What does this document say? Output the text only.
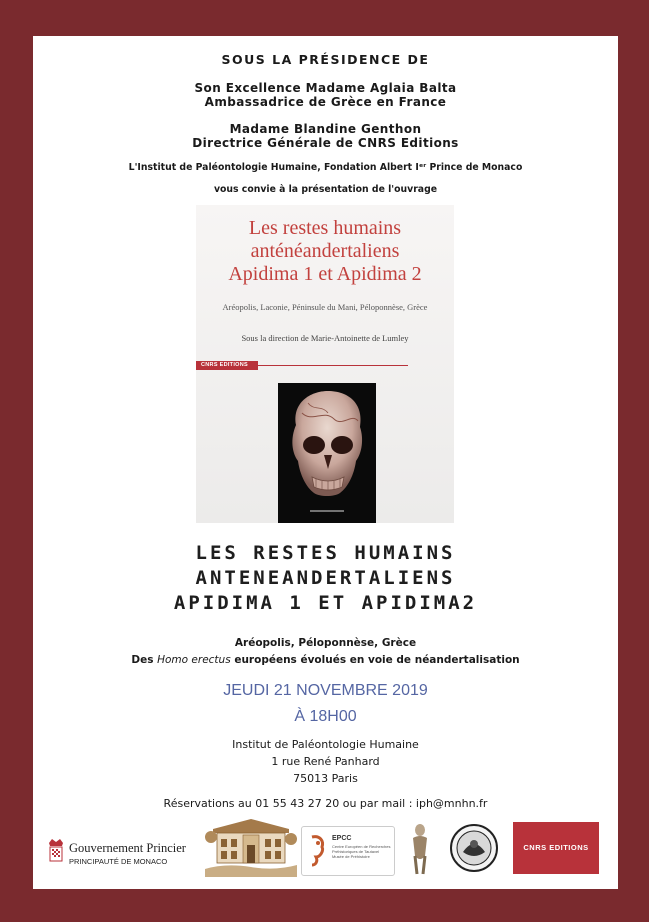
SOUS LA PRÉSIDENCE DE
Son Excellence Madame Aglaia Balta
Ambassadrice de Grèce en France
Madame Blandine Genthon
Directrice Générale de CNRS Editions
L'Institut de Paléontologie Humaine, Fondation Albert Iᵉʳ Prince de Monaco
vous convie à la présentation de l'ouvrage
Les restes humains
anténéandertaliens
Apidima 1 et Apidima 2
Aréopolis, Laconie, Péninsule du Mani, Péloponnèse, Grèce
Sous la direction de Marie-Antoinette de Lumley
CNRS EDITIONS
LES RESTES HUMAINS
ANTENEANDERTALIENS
APIDIMA 1 ET APIDIMA2
Aréopolis, Péloponnèse, Grèce
Des Homo erectus européens évolués en voie de néandertalisation
JEUDI 21 NOVEMBRE 2019
À 18H00
Institut de Paléontologie Humaine
1 rue René Panhard
75013 Paris
Réservations au 01 55 43 27 20 ou par mail : iph@mnhn.fr
Gouvernement Princier
PRINCIPAUTÉ DE MONACO
EPCC
Centre Européen de Recherches Préhistoriques de Tautavel Musée de Préhistoire
CNRS EDITIONS
